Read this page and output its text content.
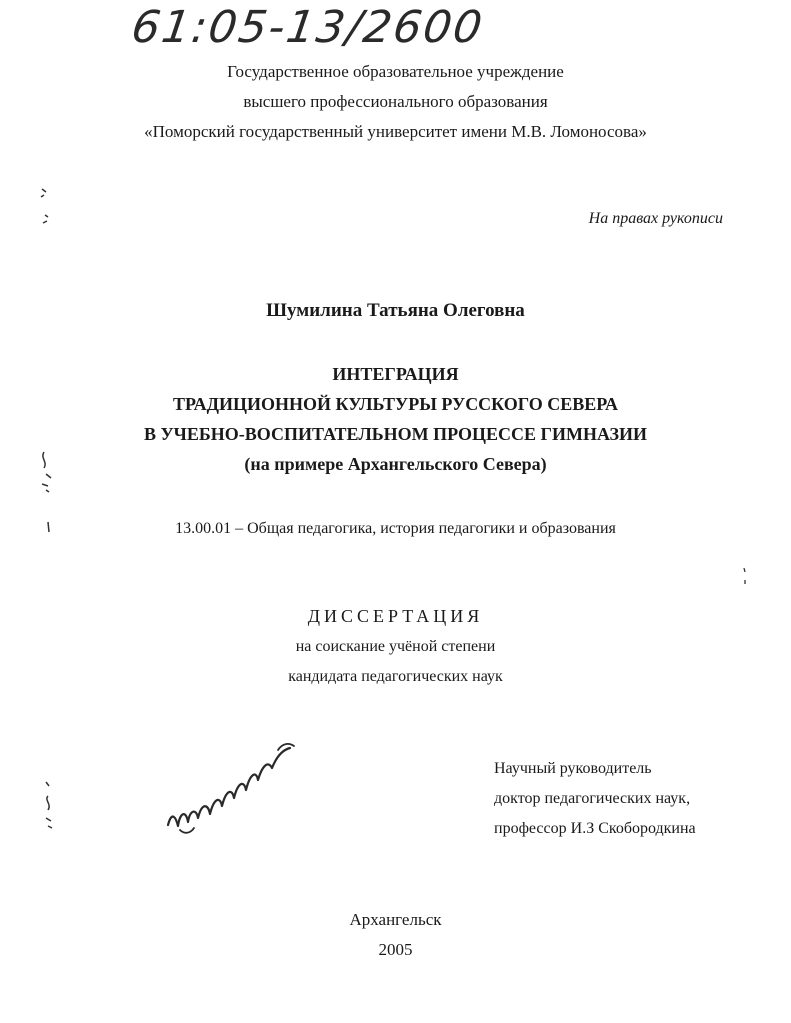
61:05-13/2600
Государственное образовательное учреждение
высшего профессионального образования
«Поморский государственный университет имени М.В. Ломоносова»
На правах рукописи
Шумилина Татьяна Олеговна
ИНТЕГРАЦИЯ
ТРАДИЦИОННОЙ КУЛЬТУРЫ РУССКОГО СЕВЕРА
В УЧЕБНО-ВОСПИТАТЕЛЬНОМ ПРОЦЕССЕ ГИМНАЗИИ
(на примере Архангельского Севера)
13.00.01 – Общая педагогика, история педагогики и образования
ДИССЕРТАЦИЯ
на соискание учёной степени
кандидата педагогических наук
Научный руководитель
доктор педагогических наук,
профессор И.З Скобородкина
Архангельск
2005
